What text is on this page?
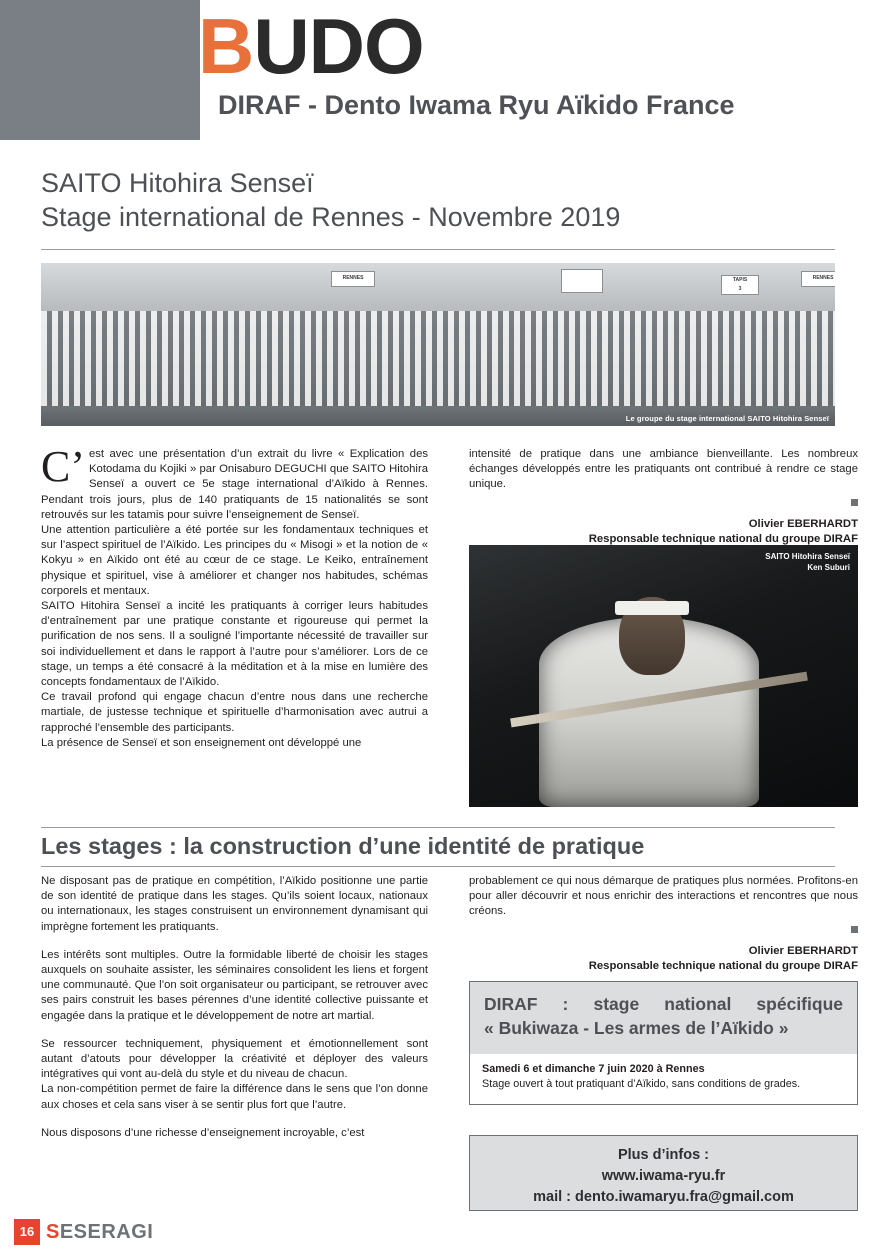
BUDO
DIRAF - Dento Iwama Ryu Aïkido France
SAITO Hitohira Senseï
Stage international de Rennes - Novembre 2019
RENNES	RENNES
TAPIS
3
Le groupe du stage international SAITO Hitohira Senseï
C’est avec une présentation d’un extrait du livre « Explication des Kotodama du Kojiki » par Onisaburo DEGUCHI que SAITO Hitohira Senseï a ouvert ce 5e stage international d’Aïkido à Rennes. Pendant trois jours, plus de 140 pratiquants de 15 nationalités se sont retrouvés sur les tatamis pour suivre l’enseignement de Senseï.
Une attention particulière a été portée sur les fondamentaux techniques et sur l’aspect spirituel de l’Aïkido. Les principes du « Misogi » et la notion de « Kokyu » en Aïkido ont été au cœur de ce stage. Le Keiko, entraînement physique et spirituel, vise à améliorer et changer nos habitudes, schémas corporels et mentaux.
SAITO Hitohira Senseï a incité les pratiquants à corriger leurs habitudes d’entraînement par une pratique constante et rigoureuse qui permet la purification de nos sens. Il a souligné l’importante nécessité de travailler sur soi individuellement et dans le rapport à l’autre pour s’améliorer. Lors de ce stage, un temps a été consacré à la méditation et à la mise en lumière des concepts fondamentaux de l’Aïkido.
Ce travail profond qui engage chacun d’entre nous dans une recherche martiale, de justesse technique et spirituelle d’harmonisation avec autrui a rapproché l’ensemble des participants.
La présence de Senseï et son enseignement ont développé une
intensité de pratique dans une ambiance bienveillante. Les nombreux échanges développés entre les pratiquants ont contribué à rendre ce stage unique.
Olivier EBERHARDT
Responsable technique national du groupe DIRAF
SAITO Hitohira Senseï
Ken Suburi
Les stages : la construction d’une identité de pratique
Ne disposant pas de pratique en compétition, l’Aïkido positionne une partie de son identité de pratique dans les stages. Qu’ils soient locaux, nationaux ou internationaux, les stages construisent un environnement dynamisant qui imprègne fortement les pratiquants.
Les intérêts sont multiples. Outre la formidable liberté de choisir les stages auxquels on souhaite assister, les séminaires consolident les liens et forgent une communauté. Que l’on soit organisateur ou participant, se retrouver avec ses pairs construit les bases pérennes d’une identité collective puissante et engagée dans la pratique et le développement de notre art martial.
Se ressourcer techniquement, physiquement et émotionnellement sont autant d’atouts pour développer la créativité et déployer des valeurs intégratives qui vont au-delà du style et du niveau de chacun.
La non-compétition permet de faire la différence dans le sens que l’on donne aux choses et cela sans viser à se sentir plus fort que l’autre.
Nous disposons d’une richesse d’enseignement incroyable, c’est
probablement ce qui nous démarque de pratiques plus normées. Profitons-en pour aller découvrir et nous enrichir des interactions et rencontres que nous créons.
Olivier EBERHARDT
Responsable technique national du groupe DIRAF
DIRAF : stage national spécifique
« Bukiwaza - Les armes de l’Aïkido »
Samedi 6 et dimanche 7 juin 2020 à Rennes
Stage ouvert à tout pratiquant d’Aïkido, sans conditions de grades.
Plus d’infos :
www.iwama-ryu.fr
mail : dento.iwamaryu.fra@gmail.com
16 SESERAGI
